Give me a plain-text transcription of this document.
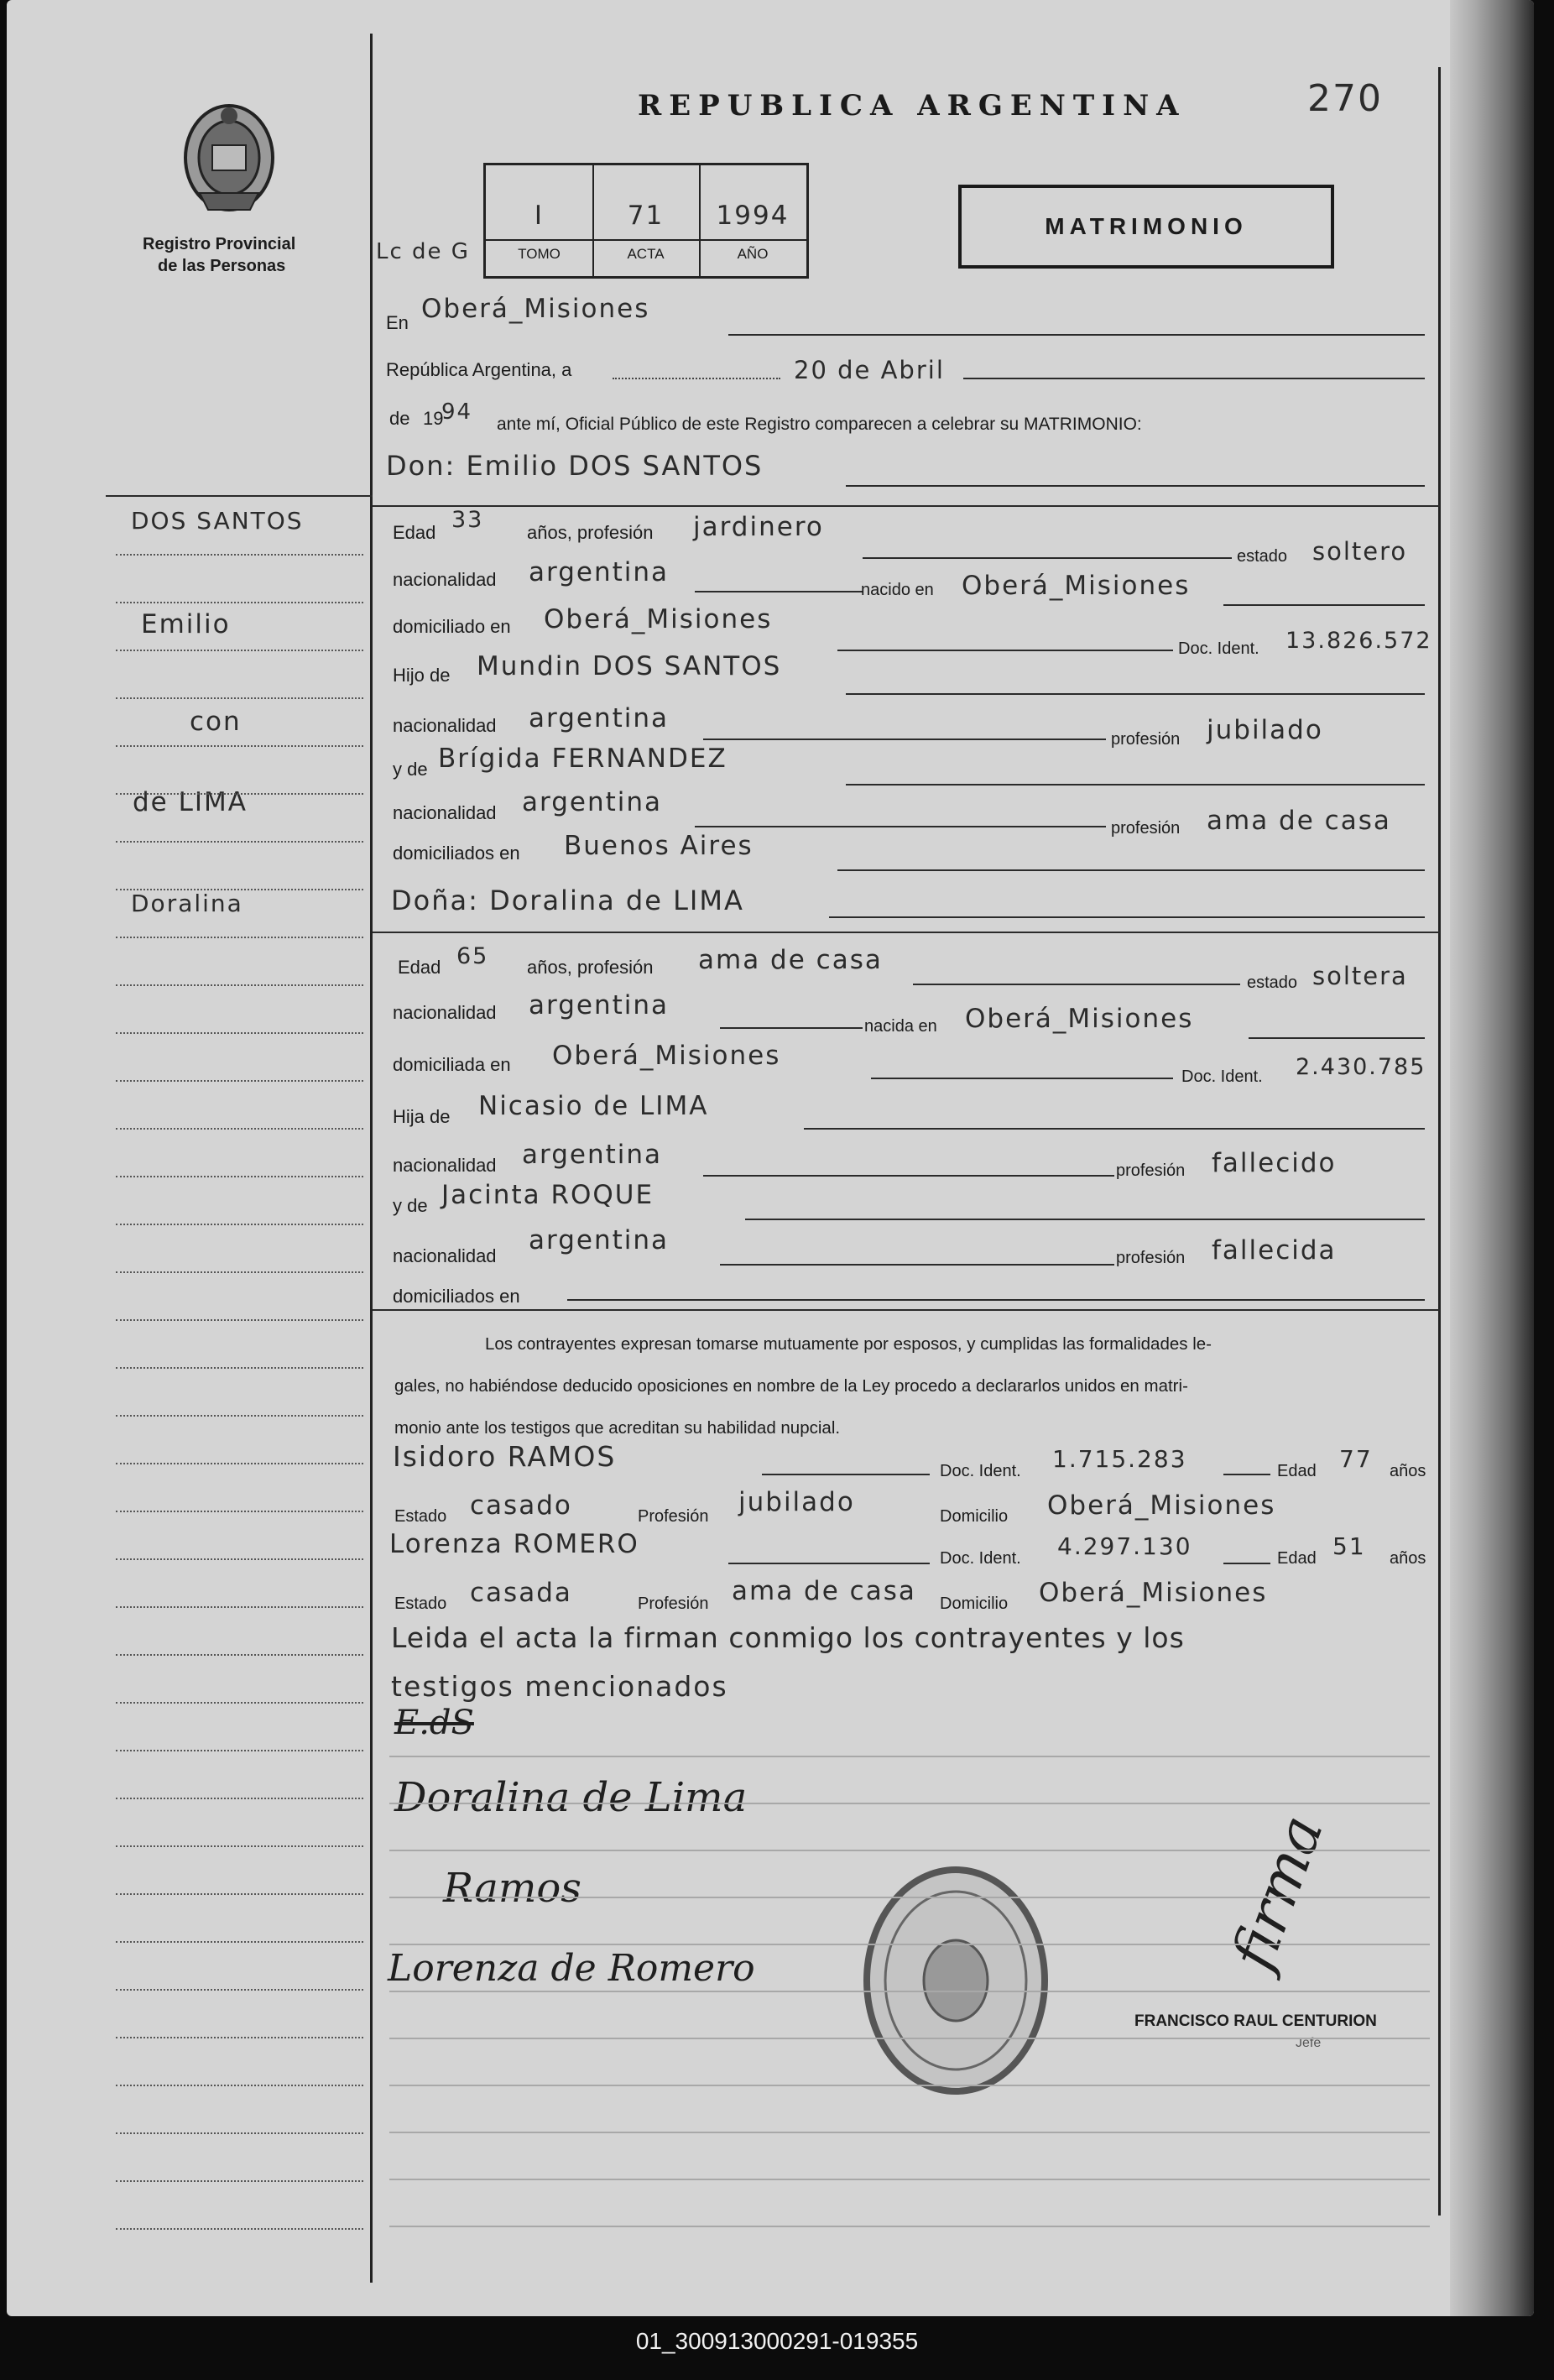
Registro Provincial
de las Personas
REPUBLICA ARGENTINA	270
Lc de G
I	71	1994
TOMO	ACTA	AÑO
MATRIMONIO
DOS SANTOS
Emilio
con
de LIMA
Doralina
En Oberá_Misiones
República Argentina, a	20 de Abril
de 19
94 ante mí, Oficial Público de este Registro comparecen a celebrar su MATRIMONIO:
Don: Emilio DOS SANTOS
Edad 33 años, profesión jardinero
estado soltero
nacionalidad argentina
nacido en Oberá_Misiones
domiciliado en Oberá_Misiones
Doc. Ident. 13.826.572
Hijo de Mundin DOS SANTOS
nacionalidad argentina
profesión jubilado
y de Brígida FERNANDEZ
nacionalidad argentina
profesión ama de casa
domiciliados en Buenos Aires
Doña: Doralina de LIMA
Edad 65 años, profesión ama de casa
estado soltera
nacionalidad argentina
nacida en Oberá_Misiones
domiciliada en Oberá_Misiones
Doc. Ident. 2.430.785
Hija de Nicasio de LIMA
nacionalidad argentina
profesión fallecido
y de Jacinta ROQUE
nacionalidad
argentina
profesión fallecida
domiciliados en
Los contrayentes expresan tomarse mutuamente por esposos, y cumplidas las formalidades le-
gales, no habiéndose deducido oposiciones en nombre de la Ley procedo a declararlos unidos en matri-
monio ante los testigos que acreditan su habilidad nupcial.
Isidoro RAMOS	Doc. Ident. 1.715.283	Edad 77 años
Estado casado	Profesión jubilado	Domicilio Oberá_Misiones
Lorenza ROMERO	Doc. Ident. 4.297.130	Edad 51 años
Estado casada	Profesión ama de casa Domicilio Oberá_Misiones
Leida el acta la firman conmigo los contrayentes y los
testigos mencionados
E.dS
Doralina de Lima
Ramos
Lorenza de Romero	firma
FRANCISCO RAUL CENTURION
Jefe
01_300913000291-019355
